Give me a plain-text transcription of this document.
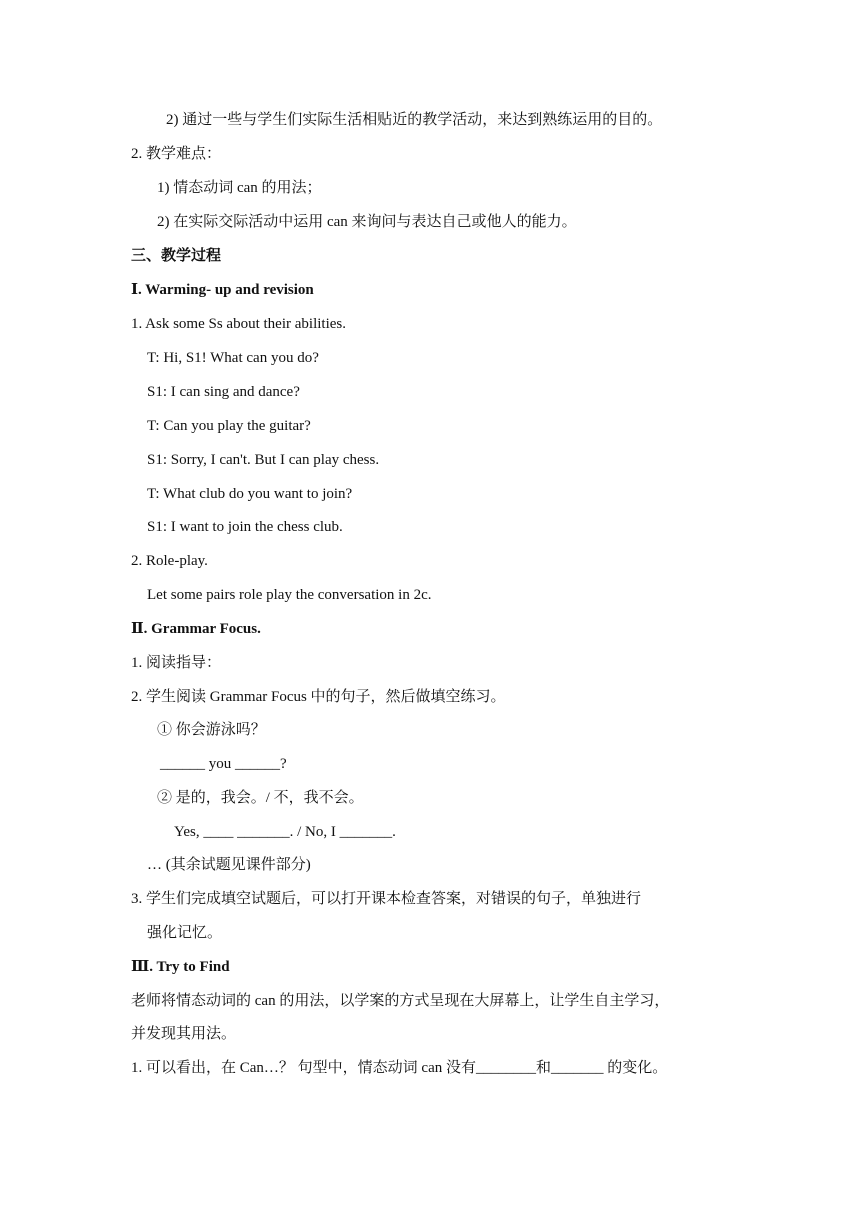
2) 通过一些与学生们实际生活相贴近的教学活动，来达到熟练运用的目的。
2. 教学难点：
1) 情态动词 can 的用法；
2) 在实际交际活动中运用 can 来询问与表达自己或他人的能力。
三、教学过程
Ⅰ. Warming- up and revision
1. Ask some Ss about their abilities.
T: Hi, S1! What can you do?
S1: I can sing and dance?
T: Can you play the guitar?
S1: Sorry, I can't. But I can play chess.
T: What club do you want to join?
S1: I want to join the chess club.
2. Role-play.
Let some pairs role play the conversation in 2c.
Ⅱ. Grammar Focus.
1. 阅读指导：
2. 学生阅读 Grammar Focus 中的句子，然后做填空练习。
① 你会游泳吗？
______ you ______?
② 是的，我会。/ 不，我不会。
Yes, ____ _______. / No, I _______.
… (其余试题见课件部分)
3. 学生们完成填空试题后，可以打开课本检查答案，对错误的句子，单独进行
强化记忆。
Ⅲ. Try to Find
老师将情态动词的 can 的用法，以学案的方式呈现在大屏幕上，让学生自主学习，
并发现其用法。
1. 可以看出，在 Can…？ 句型中，情态动词 can 没有________和_______ 的变化。
